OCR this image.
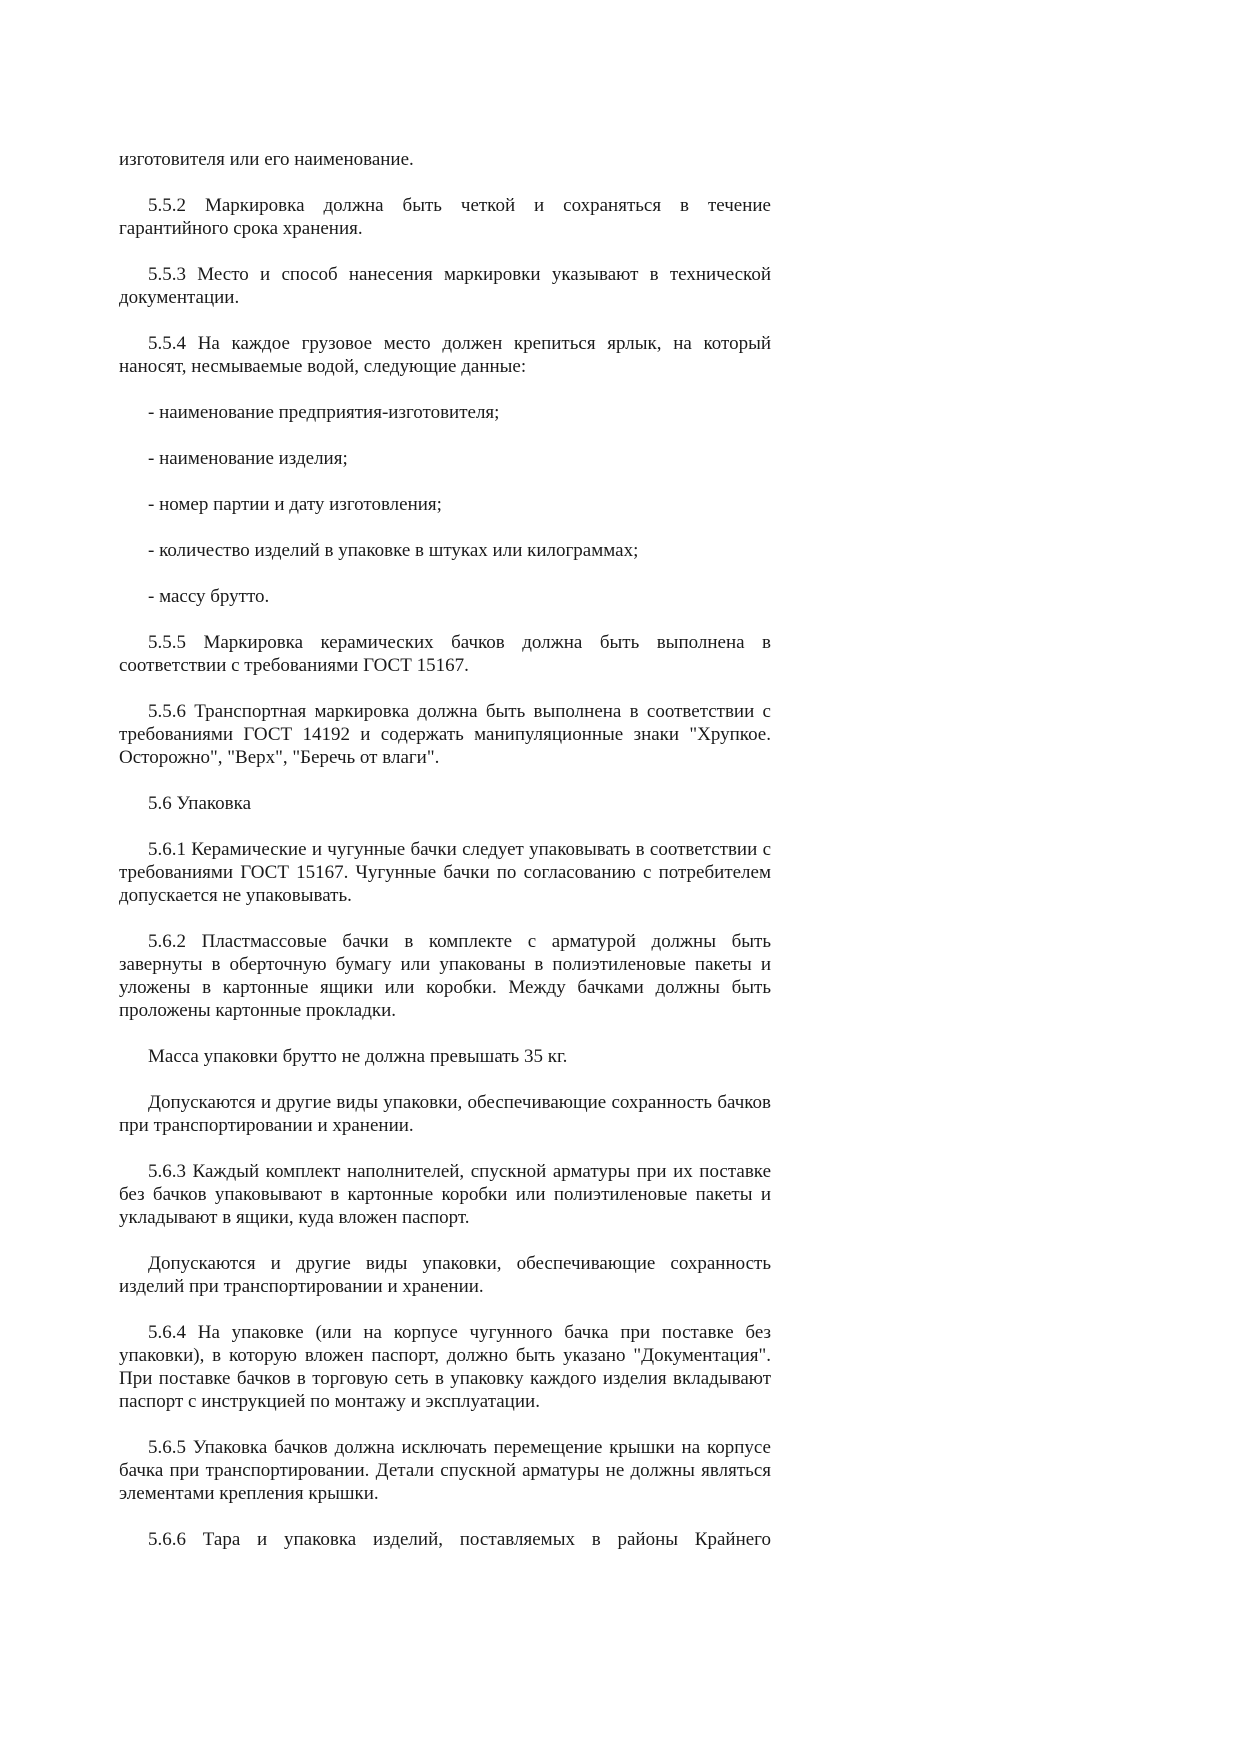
изготовителя или его наименование.

5.5.2 Маркировка должна быть четкой и сохраняться в течение гарантийного срока хранения.

5.5.3 Место и способ нанесения маркировки указывают в технической документации.

5.5.4 На каждое грузовое место должен крепиться ярлык, на который наносят, несмываемые водой, следующие данные:

- наименование предприятия-изготовителя;

- наименование изделия;

- номер партии и дату изготовления;

- количество изделий в упаковке в штуках или килограммах;

- массу брутто.

5.5.5 Маркировка керамических бачков должна быть выполнена в соответствии с требованиями ГОСТ 15167.

5.5.6 Транспортная маркировка должна быть выполнена в соответствии с требованиями ГОСТ 14192 и содержать манипуляционные знаки "Хрупкое. Осторожно", "Верх", "Беречь от влаги".

5.6 Упаковка

5.6.1 Керамические и чугунные бачки следует упаковывать в соответствии с требованиями ГОСТ 15167. Чугунные бачки по согласованию с потребителем допускается не упаковывать.

5.6.2 Пластмассовые бачки в комплекте с арматурой должны быть завернуты в оберточную бумагу или упакованы в полиэтиленовые пакеты и уложены в картонные ящики или коробки. Между бачками должны быть проложены картонные прокладки.

Масса упаковки брутто не должна превышать 35 кг.

Допускаются и другие виды упаковки, обеспечивающие сохранность бачков при транспортировании и хранении.

5.6.3 Каждый комплект наполнителей, спускной арматуры при их поставке без бачков упаковывают в картонные коробки или полиэтиленовые пакеты и укладывают в ящики, куда вложен паспорт.

Допускаются и другие виды упаковки, обеспечивающие сохранность изделий при транспортировании и хранении.

5.6.4 На упаковке (или на корпусе чугунного бачка при поставке без упаковки), в которую вложен паспорт, должно быть указано "Документация". При поставке бачков в торговую сеть в упаковку каждого изделия вкладывают паспорт с инструкцией по монтажу и эксплуатации.

5.6.5 Упаковка бачков должна исключать перемещение крышки на корпусе бачка при транспортировании. Детали спускной арматуры не должны являться элементами крепления крышки.

5.6.6 Тара и упаковка изделий, поставляемых в районы Крайнего
